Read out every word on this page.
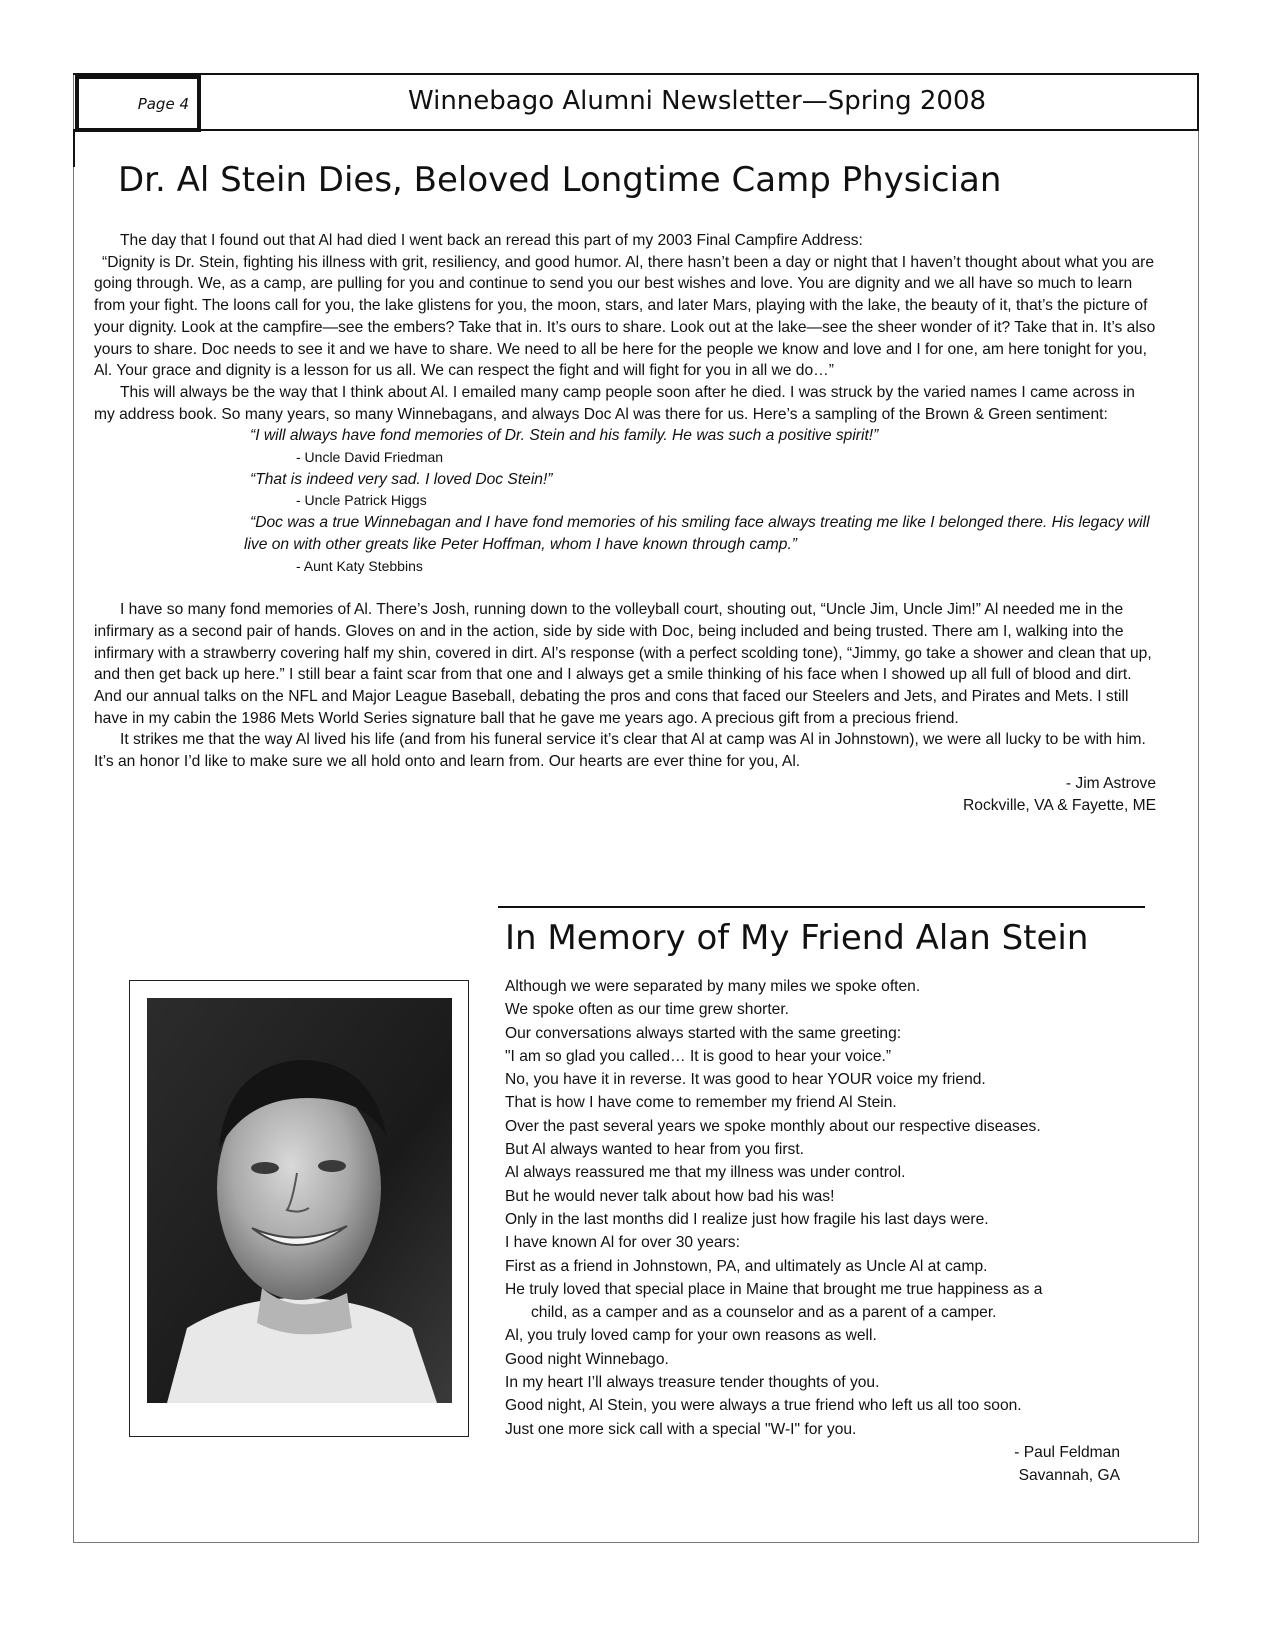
Page 4	Winnebago Alumni Newsletter—Spring 2008
Dr. Al Stein Dies, Beloved Longtime Camp Physician

The day that I found out that Al had died I went back an reread this part of my 2003 Final Campfire Address:

“Dignity is Dr. Stein, fighting his illness with grit, resiliency, and good humor. Al, there hasn’t been a day or night that I haven’t thought about what you are going through. We, as a camp, are pulling for you and continue to send you our best wishes and love. You are dignity and we all have so much to learn from your fight. The loons call for you, the lake glistens for you, the moon, stars, and later Mars, playing with the lake, the beauty of it, that’s the picture of your dignity. Look at the campfire—see the embers? Take that in. It’s ours to share. Look out at the lake—see the sheer wonder of it? Take that in. It’s also yours to share. Doc needs to see it and we have to share. We need to all be here for the people we know and love and I for one, am here tonight for you, Al. Your grace and dignity is a lesson for us all. We can respect the fight and will fight for you in all we do…”

This will always be the way that I think about Al. I emailed many camp people soon after he died. I was struck by the varied names I came across in my address book. So many years, so many Winnebagans, and always Doc Al was there for us. Here’s a sampling of the Brown & Green sentiment:

“I will always have fond memories of Dr. Stein and his family. He was such a positive spirit!”
- Uncle David Friedman
“That is indeed very sad. I loved Doc Stein!”
- Uncle Patrick Higgs
“Doc was a true Winnebagan and I have fond memories of his smiling face always treating me like I belonged there. His legacy will live on with other greats like Peter Hoffman, whom I have known through camp.”
- Aunt Katy Stebbins

I have so many fond memories of Al. There’s Josh, running down to the volleyball court, shouting out, “Uncle Jim, Uncle Jim!” Al needed me in the infirmary as a second pair of hands. Gloves on and in the action, side by side with Doc, being included and being trusted. There am I, walking into the infirmary with a strawberry covering half my shin, covered in dirt. Al’s response (with a perfect scolding tone), “Jimmy, go take a shower and clean that up, and then get back up here.” I still bear a faint scar from that one and I always get a smile thinking of his face when I showed up all full of blood and dirt. And our annual talks on the NFL and Major League Baseball, debating the pros and cons that faced our Steelers and Jets, and Pirates and Mets. I still have in my cabin the 1986 Mets World Series signature ball that he gave me years ago. A precious gift from a precious friend.

It strikes me that the way Al lived his life (and from his funeral service it’s clear that Al at camp was Al in Johnstown), we were all lucky to be with him. It’s an honor I’d like to make sure we all hold onto and learn from. Our hearts are ever thine for you, Al.

- Jim Astrove
Rockville, VA & Fayette, ME
In Memory of My Friend Alan Stein

Although we were separated by many miles we spoke often.

We spoke often as our time grew shorter.

Our conversations always started with the same greeting:

"I am so glad you called… It is good to hear your voice.”

No, you have it in reverse. It was good to hear YOUR voice my friend.

That is how I have come to remember my friend Al Stein.

Over the past several years we spoke monthly about our respective diseases.

But Al always wanted to hear from you first.

Al always reassured me that my illness was under control.

But he would never talk about how bad his was!

Only in the last months did I realize just how fragile his last days were.

I have known Al for over 30 years:

First as a friend in Johnstown, PA, and ultimately as Uncle Al at camp.

He truly loved that special place in Maine that brought me true happiness as a

child, as a camper and as a counselor and as a parent of a camper.

Al, you truly loved camp for your own reasons as well.

Good night Winnebago.

In my heart I’ll always treasure tender thoughts of you.

Good night, Al Stein, you were always a true friend who left us all too soon.

Just one more sick call with a special "W-I" for you.

- Paul Feldman

Savannah, GA
